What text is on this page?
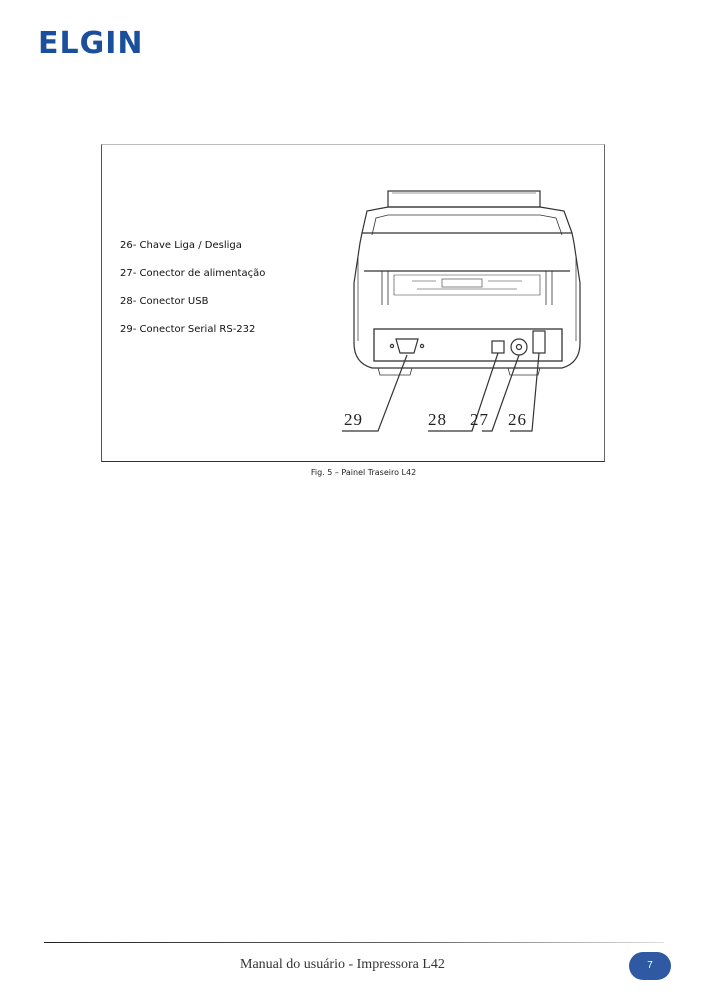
ELGIN
26- Chave Liga / Desliga
27- Conector de alimentação
28- Conector USB
29- Conector Serial RS-232
29	28 27 26
Fig. 5 – Painel Traseiro L42
Manual do usuário - Impressora L42	7
